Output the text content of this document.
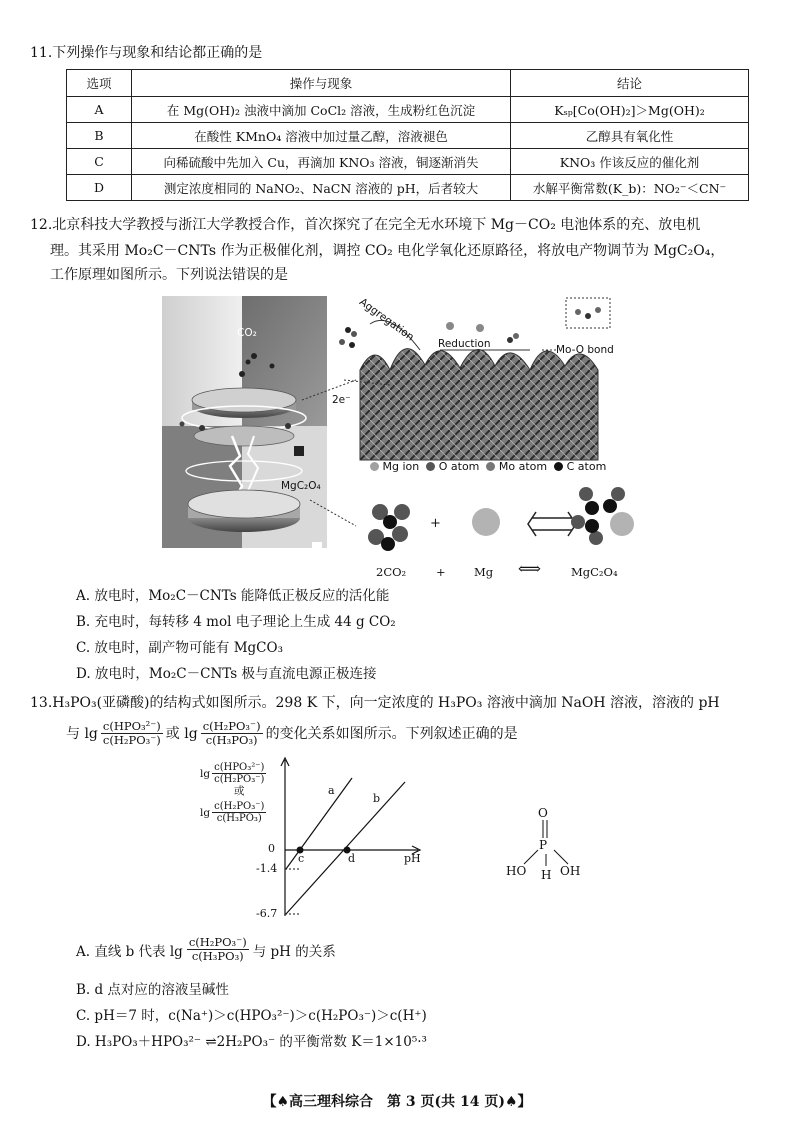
11.下列操作与现象和结论都正确的是
选项	操作与现象	结论
A	在 Mg(OH)₂ 浊液中滴加 CoCl₂ 溶液，生成粉红色沉淀	Kₛₚ[Co(OH)₂]＞Mg(OH)₂
B	在酸性 KMnO₄ 溶液中加过量乙醇，溶液褪色	乙醇具有氧化性
C	向稀硫酸中先加入 Cu，再滴加 KNO₃ 溶液，铜逐渐消失	KNO₃ 作该反应的催化剂
D	测定浓度相同的 NaNO₂、NaCN 溶液的 pH，后者较大	水解平衡常数(K_b)：NO₂⁻＜CN⁻
12.北京科技大学教授与浙江大学教授合作，首次探究了在完全无水环境下 Mg－CO₂ 电池体系的充、放电机
理。其采用 Mo₂C－CNTs 作为正极催化剂，调控 CO₂ 电化学氧化还原路径，将放电产物调节为 MgC₂O₄，
工作原理如图所示。下列说法错误的是
CO₂
MgC₂O₄
Aggregation
Reduction	Mo-O bond
2e⁻
Mg ion O atom Mo atom C atom
+
2CO₂	+ Mg ⟺	MgC₂O₄
A. 放电时，Mo₂C－CNTs 能降低正极反应的活化能
B. 充电时，每转移 4 mol 电子理论上生成 44 g CO₂
C. 放电时，副产物可能有 MgCO₃
D. 放电时，Mo₂C－CNTs 极与直流电源正极连接
13.H₃PO₃(亚磷酸)的结构式如图所示。298 K 下，向一定浓度的 H₃PO₃ 溶液中滴加 NaOH 溶液，溶液的 pH
与 $\lg \frac{\text{c(HPO₃²⁻)}}{\text{c(H₂PO₃⁻)}}$ 或 $\lg \frac{\text{c(H₂PO₃⁻)}}{\text{c(H₃PO₃)}}$ 的变化关系如图所示。下列叙述正确的是
$\lg \frac{\text{c(HPO₃²⁻)}}{\text{c(H₂PO₃⁻)}}$
或
$\lg \frac{\text{c(H₂PO₃⁻)}}{\text{c(H₃PO₃)}}$
0
-1.4
-6.7
c	d
a
b
pH
O
P
HO H OH
A. 直线 b 代表 $\lg \frac{\text{c(H₂PO₃⁻)}}{\text{c(H₃PO₃)}}$ 与 pH 的关系
B. d 点对应的溶液呈碱性
C. pH＝7 时，c(Na⁺)＞c(HPO₃²⁻)＞c(H₂PO₃⁻)＞c(H⁺)
D. H₃PO₃＋HPO₃²⁻ ⇌2H₂PO₃⁻ 的平衡常数 K＝1×10⁵·³
【♠高三理科综合　第 3 页(共 14 页)♠】
